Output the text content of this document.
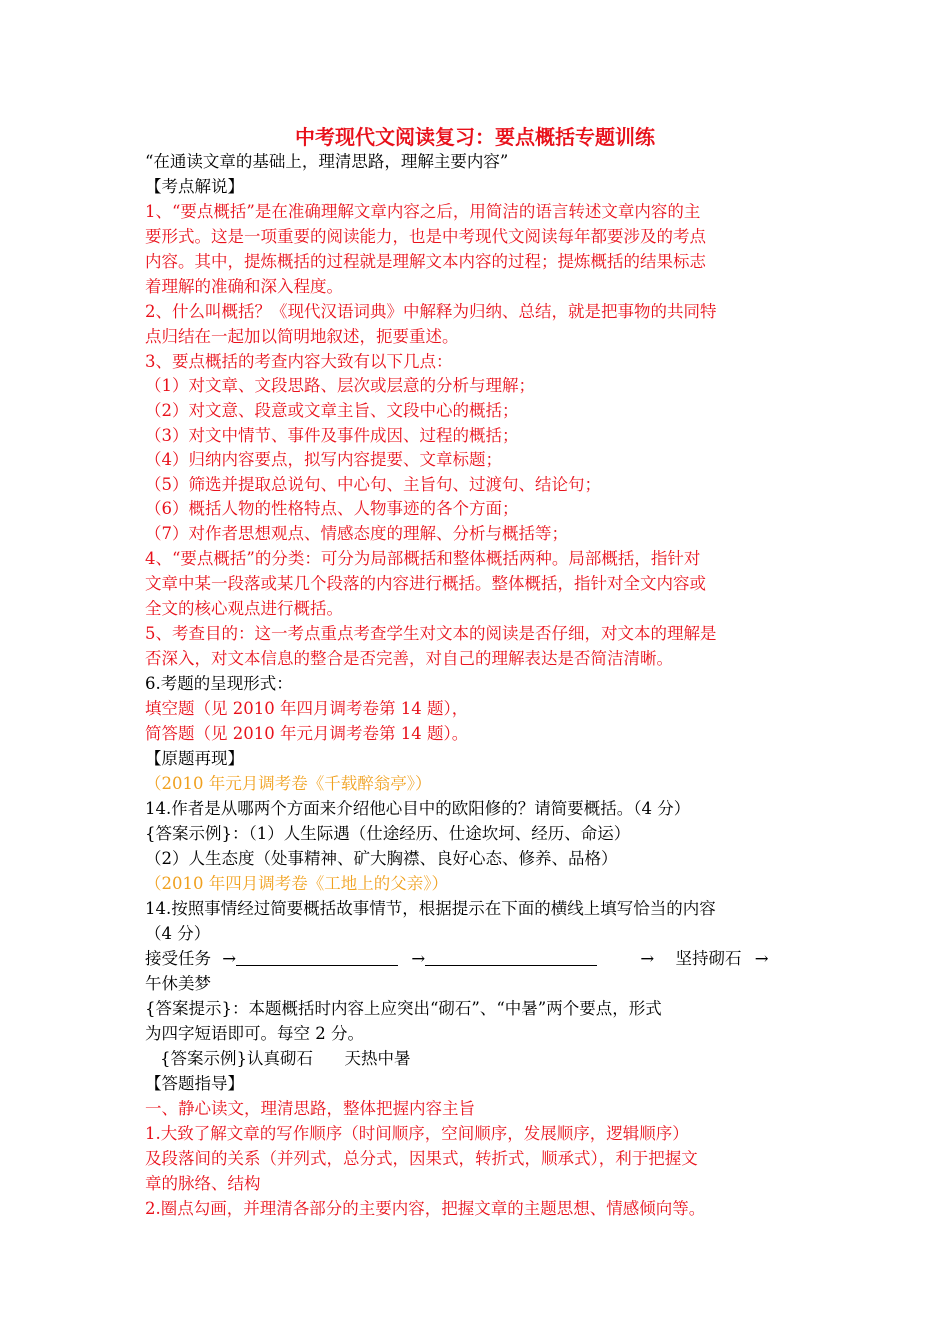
中考现代文阅读复习：要点概括专题训练
“在通读文章的基础上，理清思路，理解主要内容”
【考点解说】
1、“要点概括”是在准确理解文章内容之后，用简洁的语言转述文章内容的主
要形式。这是一项重要的阅读能力，也是中考现代文阅读每年都要涉及的考点
内容。其中，提炼概括的过程就是理解文本内容的过程；提炼概括的结果标志
着理解的准确和深入程度。
2、什么叫概括？《现代汉语词典》中解释为归纳、总结，就是把事物的共同特
点归结在一起加以简明地叙述，扼要重述。
3、要点概括的考查内容大致有以下几点：
（1）对文章、文段思路、层次或层意的分析与理解；
（2）对文意、段意或文章主旨、文段中心的概括；
（3）对文中情节、事件及事件成因、过程的概括；
（4）归纳内容要点，拟写内容提要、文章标题；
（5）筛选并提取总说句、中心句、主旨句、过渡句、结论句；
（6）概括人物的性格特点、人物事迹的各个方面；
（7）对作者思想观点、情感态度的理解、分析与概括等；
4、“要点概括”的分类：可分为局部概括和整体概括两种。局部概括，指针对
文章中某一段落或某几个段落的内容进行概括。整体概括，指针对全文内容或
全文的核心观点进行概括。
5、考查目的：这一考点重点考查学生对文本的阅读是否仔细，对文本的理解是
否深入，对文本信息的整合是否完善，对自己的理解表达是否简洁清晰。
6.考题的呈现形式：
填空题（见 2010 年四月调考卷第 14 题），
简答题（见 2010 年元月调考卷第 14 题）。
【原题再现】
（2010 年元月调考卷《千载醉翁亭》）
14.作者是从哪两个方面来介绍他心目中的欧阳修的？请简要概括。（4 分）
{答案示例}：（1）人生际遇（仕途经历、仕途坎坷、经历、命运）
（2）人生态度（处事精神、矿大胸襟、良好心态、修养、品格）
（2010 年四月调考卷《工地上的父亲》）
14.按照事情经过简要概括故事情节，根据提示在下面的横线上填写恰当的内容
（4 分）
接受任务 →	→	→ 坚持砌石 →
午休美梦
{答案提示}：本题概括时内容上应突出“砌石”、“中暑”两个要点，形式
为四字短语即可。每空 2 分。
{答案示例}认真砌石      天热中暑
【答题指导】
一、静心读文，理清思路，整体把握内容主旨
1.大致了解文章的写作顺序（时间顺序，空间顺序，发展顺序，逻辑顺序）
及段落间的关系（并列式，总分式，因果式，转折式，顺承式），利于把握文
章的脉络、结构
2.圈点勾画，并理清各部分的主要内容，把握文章的主题思想、情感倾向等。
